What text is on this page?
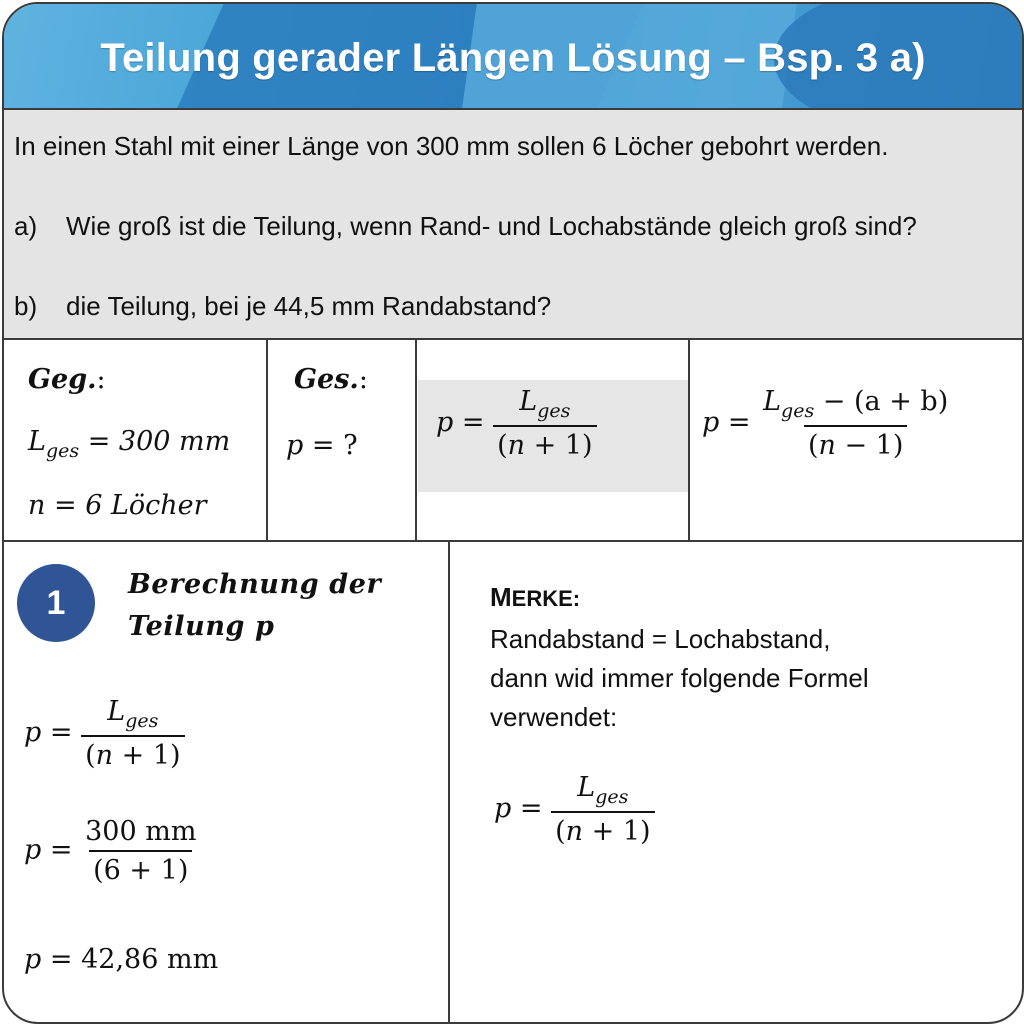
Teilung gerader Längen Lösung – Bsp. 3 a)
In einen Stahl mit einer Länge von 300 mm sollen 6 Löcher gebohrt werden.
a) Wie groß ist die Teilung, wenn Rand- und Lochabstände gleich groß sind?
b) die Teilung, bei je 44,5 mm Randabstand?
Geg.:
$L_{ges} = 300$ mm
n = 6 Löcher
Ges.:
p = ?
$p = \frac{L_{ges}}{(n + 1)}$	$p = \frac{L_{ges} - (a + b)}{(n - 1)}$
1	Berechnung der
Teilung p
$p = \frac{L_{ges}}{(n + 1)}$
$p = \frac{300 mm}{(6 + 1)}$
p = 42,86 mm
MERKE:
Randabstand = Lochabstand,
dann wid immer folgende Formel
verwendet:
$p = \frac{L_{ges}}{(n + 1)}$
